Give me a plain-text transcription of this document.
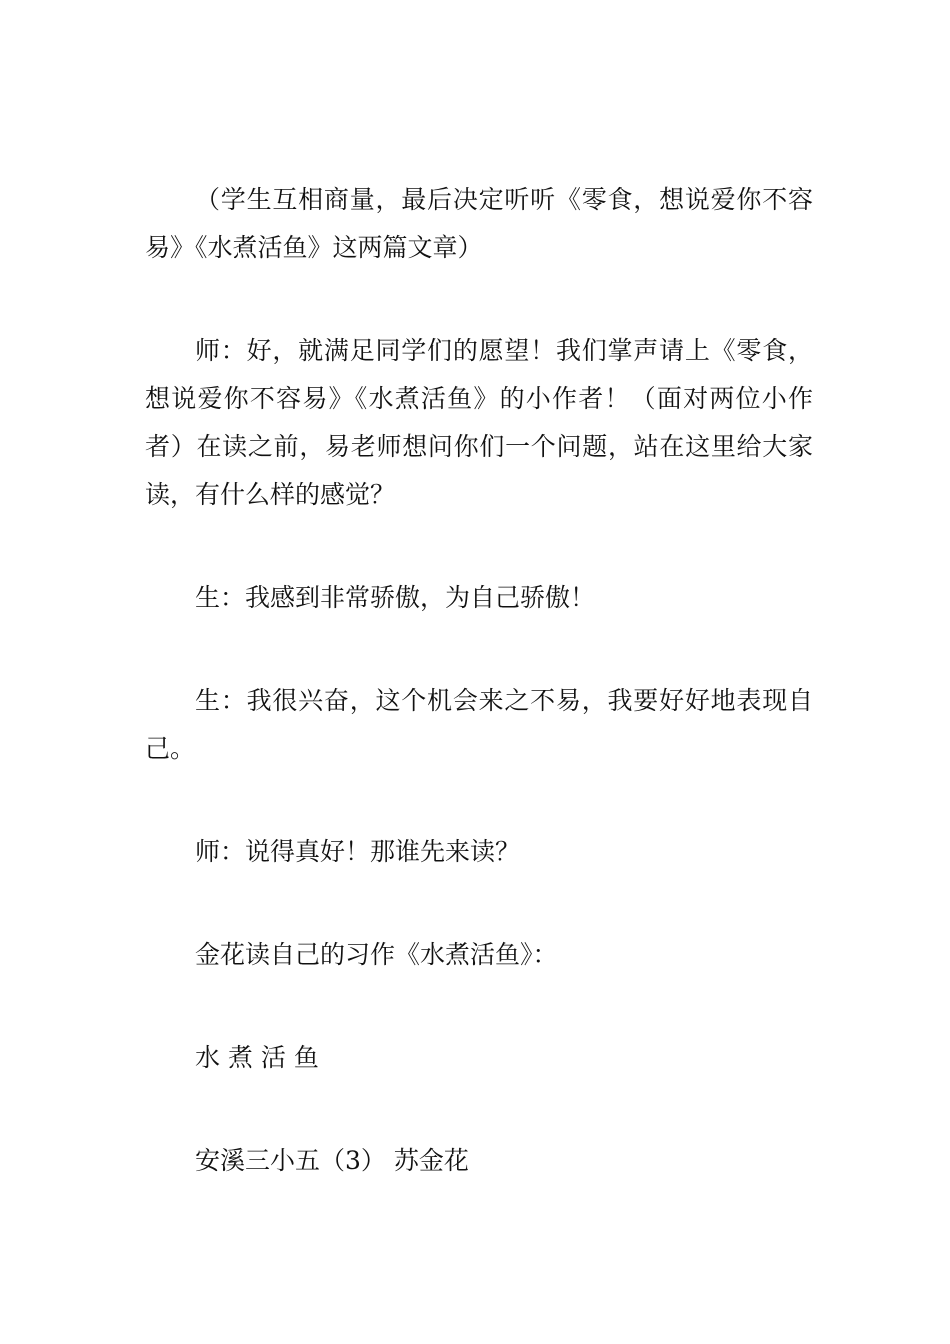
（学生互相商量，最后决定听听《零食，想说爱你不容易》《水煮活鱼》这两篇文章）

师：好，就满足同学们的愿望！我们掌声请上《零食，想说爱你不容易》《水煮活鱼》的小作者！（面对两位小作者）在读之前，易老师想问你们一个问题，站在这里给大家读，有什么样的感觉？

生：我感到非常骄傲，为自己骄傲！

生：我很兴奋，这个机会来之不易，我要好好地表现自己。

师：说得真好！那谁先来读？

金花读自己的习作《水煮活鱼》：

水 煮 活 鱼

安溪三小五（3） 苏金花
